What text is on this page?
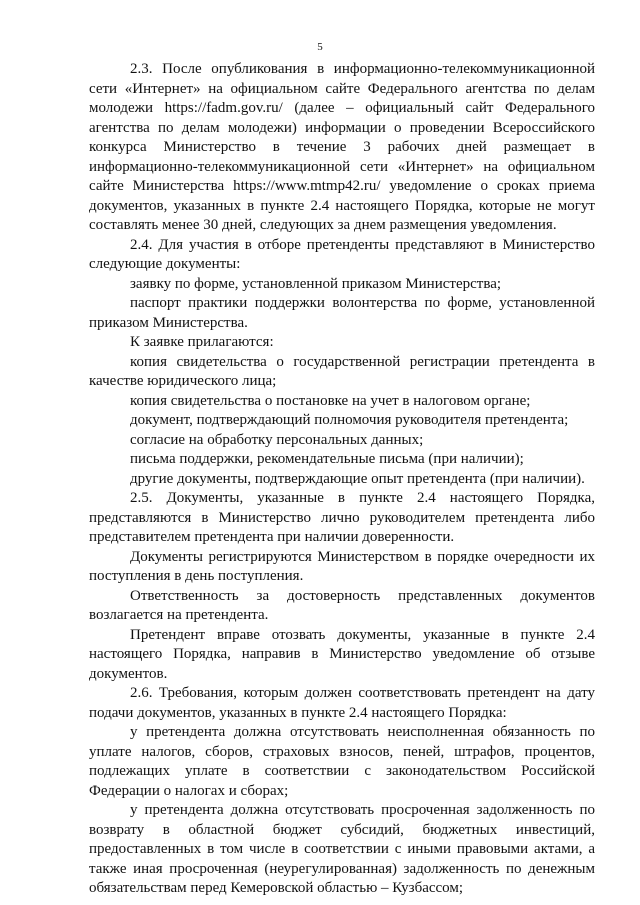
5

2.3. После опубликования в информационно-телекоммуникационной сети «Интернет» на официальном сайте Федерального агентства по делам молодежи https://fadm.gov.ru/ (далее – официальный сайт Федерального агентства по делам молодежи) информации о проведении Всероссийского конкурса Министерство в течение 3 рабочих дней размещает в информационно-телекоммуникационной сети «Интернет» на официальном сайте Министерства https://www.mtmp42.ru/ уведомление о сроках приема документов, указанных в пункте 2.4 настоящего Порядка, которые не могут составлять менее 30 дней, следующих за днем размещения уведомления.

2.4. Для участия в отборе претенденты представляют в Министерство следующие документы:

заявку по форме, установленной приказом Министерства;

паспорт практики поддержки волонтерства по форме, установленной приказом Министерства.

К заявке прилагаются:

копия свидетельства о государственной регистрации претендента в качестве юридического лица;

копия свидетельства о постановке на учет в налоговом органе;

документ, подтверждающий полномочия руководителя претендента;

согласие на обработку персональных данных;

письма поддержки, рекомендательные письма (при наличии);

другие документы, подтверждающие опыт претендента (при наличии).

2.5. Документы, указанные в пункте 2.4 настоящего Порядка, представляются в Министерство лично руководителем претендента либо представителем претендента при наличии доверенности.

Документы регистрируются Министерством в порядке очередности их поступления в день поступления.

Ответственность за достоверность представленных документов возлагается на претендента.

Претендент вправе отозвать документы, указанные в пункте 2.4 настоящего Порядка, направив в Министерство уведомление об отзыве документов.

2.6. Требования, которым должен соответствовать претендент на дату подачи документов, указанных в пункте 2.4 настоящего Порядка:

у претендента должна отсутствовать неисполненная обязанность по уплате налогов, сборов, страховых взносов, пеней, штрафов, процентов, подлежащих уплате в соответствии с законодательством Российской Федерации о налогах и сборах;

у претендента должна отсутствовать просроченная задолженность по возврату в областной бюджет субсидий, бюджетных инвестиций, предоставленных в том числе в соответствии с иными правовыми актами, а также иная просроченная (неурегулированная) задолженность по денежным обязательствам перед Кемеровской областью – Кузбассом;
